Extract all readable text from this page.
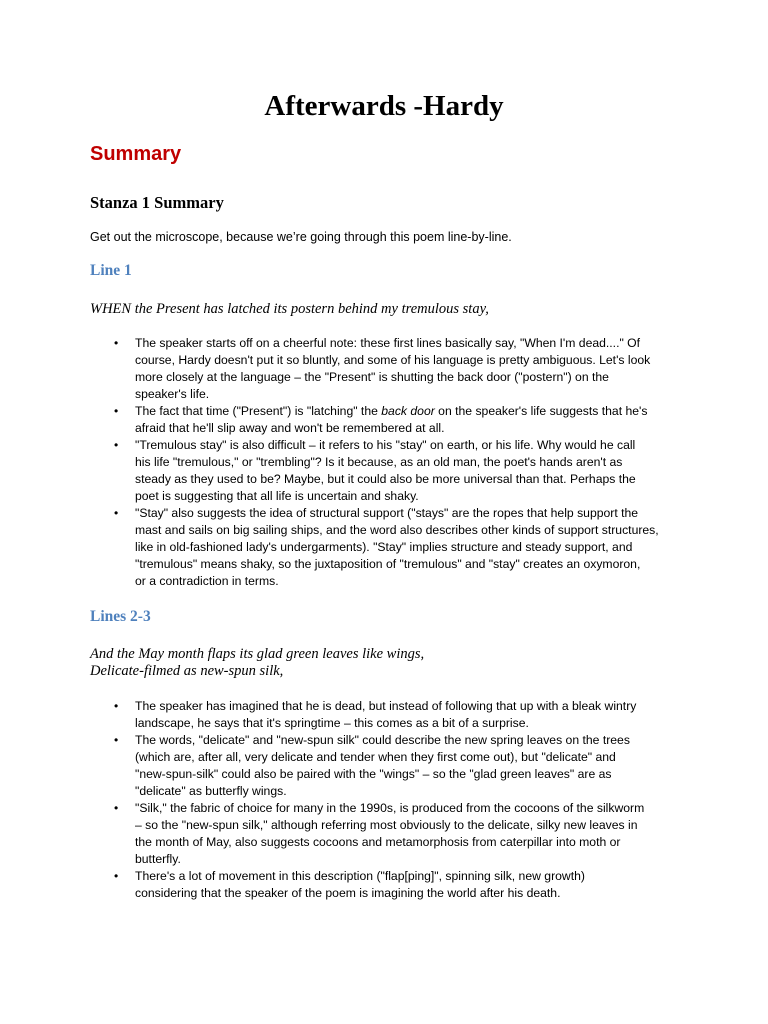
Afterwards -Hardy
Summary
Stanza 1 Summary

Get out the microscope, because we’re going through this poem line-by-line.

Line 1

WHEN the Present has latched its postern behind my tremulous stay,

• The speaker starts off on a cheerful note: these first lines basically say, "When I'm dead...." Of
course, Hardy doesn't put it so bluntly, and some of his language is pretty ambiguous. Let's look
more closely at the language – the "Present" is shutting the back door ("postern") on the
speaker's life.
• The fact that time ("Present") is "latching" the back door on the speaker's life suggests that he's
afraid that he'll slip away and won't be remembered at all.
• "Tremulous stay" is also difficult – it refers to his "stay" on earth, or his life. Why would he call
his life "tremulous," or "trembling"? Is it because, as an old man, the poet's hands aren't as
steady as they used to be? Maybe, but it could also be more universal than that. Perhaps the
poet is suggesting that all life is uncertain and shaky.
• "Stay" also suggests the idea of structural support ("stays" are the ropes that help support the
mast and sails on big sailing ships, and the word also describes other kinds of support structures,
like in old-fashioned lady's undergarments). "Stay" implies structure and steady support, and
"tremulous" means shaky, so the juxtaposition of "tremulous" and "stay" creates an oxymoron,
or a contradiction in terms.
Lines 2-3

And the May month flaps its glad green leaves like wings,
Delicate-filmed as new-spun silk,

• The speaker has imagined that he is dead, but instead of following that up with a bleak wintry
landscape, he says that it's springtime – this comes as a bit of a surprise.
• The words, "delicate" and "new-spun silk" could describe the new spring leaves on the trees
(which are, after all, very delicate and tender when they first come out), but "delicate" and
"new-spun-silk" could also be paired with the "wings" – so the "glad green leaves" are as
"delicate" as butterfly wings.
• "Silk," the fabric of choice for many in the 1990s, is produced from the cocoons of the silkworm
– so the "new-spun silk," although referring most obviously to the delicate, silky new leaves in
the month of May, also suggests cocoons and metamorphosis from caterpillar into moth or
butterfly.
• There's a lot of movement in this description ("flap[ping]", spinning silk, new growth)
considering that the speaker of the poem is imagining the world after his death.
